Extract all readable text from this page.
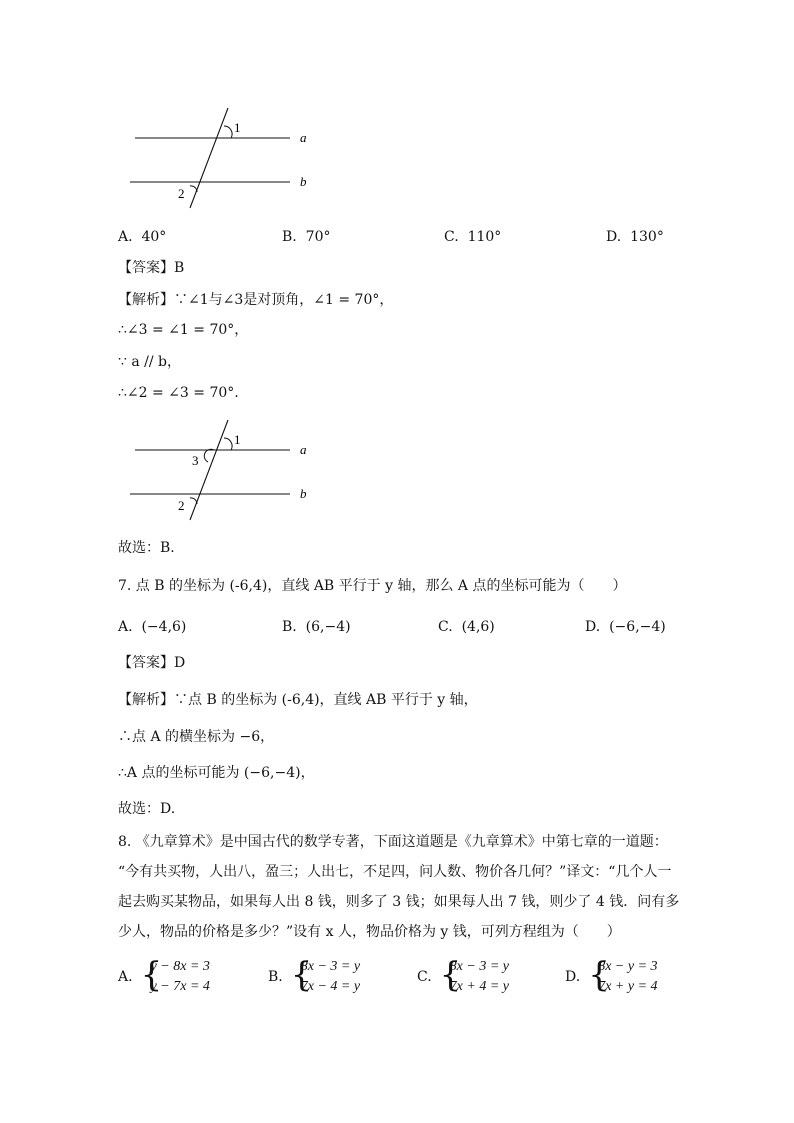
1
2
a
b
A. 40°	B. 70°	C. 110°	D. 130°
【答案】B
【解析】∵∠1与∠3是对顶角，∠1 = 70°，
∴∠3 = ∠1 = 70°，
∵ a // b，
∴∠2 = ∠3 = 70°.
1
3
2
a
b
故选：B.
7. 点 B 的坐标为 (-6,4)，直线 AB 平行于 y 轴，那么 A 点的坐标可能为（　　）
A. (−4,6)	B. (6,−4)	C. (4,6)	D. (−6,−4)
【答案】D
【解析】∵点 B 的坐标为 (-6,4)，直线 AB 平行于 y 轴，
∴点 A 的横坐标为 −6，
∴A 点的坐标可能为 (−6,−4)，
故选：D.
8. 《九章算术》是中国古代的数学专著，下面这道题是《九章算术》中第七章的一道题：
“今有共买物，人出八，盈三；人出七，不足四，问人数、物价各几何？”译文：“几个人一
起去购买某物品，如果每人出 8 钱，则多了 3 钱；如果每人出 7 钱，则少了 4 钱．问有多
少人，物品的价格是多少？”设有 x 人，物品价格为 y 钱，可列方程组为（　　）
A. {
y − 8x = 3
y − 7x = 4
B. {
8x − 3 = y
7x − 4 = y
C. {
8x − 3 = y
7x + 4 = y
D. {
8x − y = 3
7x + y = 4
